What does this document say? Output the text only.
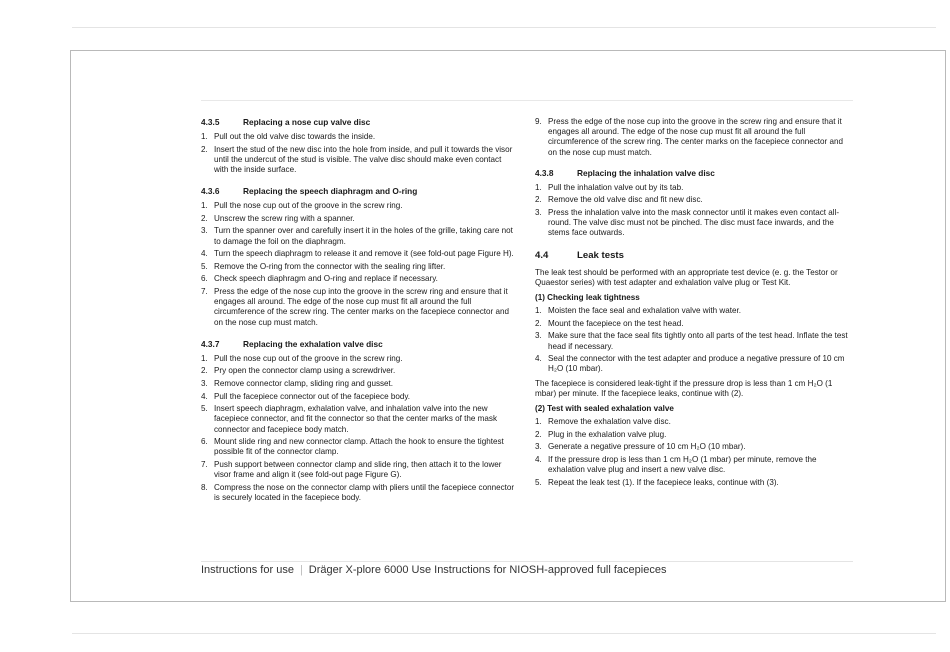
4.3.5	Replacing a nose cup valve disc
1. Pull out the old valve disc towards the inside.
2. Insert the stud of the new disc into the hole from inside, and pull it towards the visor until the undercut of the stud is visible. The valve disc should make even contact with the inside surface.
4.3.6	Replacing the speech diaphragm and O-ring
1. Pull the nose cup out of the groove in the screw ring.
2. Unscrew the screw ring with a spanner.
3. Turn the spanner over and carefully insert it in the holes of the grille, taking care not to damage the foil on the diaphragm.
4. Turn the speech diaphragm to release it and remove it (see fold-out page Figure H).
5. Remove the O-ring from the connector with the sealing ring lifter.
6. Check speech diaphragm and O-ring and replace if necessary.
7. Press the edge of the nose cup into the groove in the screw ring and ensure that it engages all around. The edge of the nose cup must fit all around the full circumference of the screw ring. The center marks on the facepiece connector and on the nose cup must match.
4.3.7	Replacing the exhalation valve disc
1. Pull the nose cup out of the groove in the screw ring.
2. Pry open the connector clamp using a screwdriver.
3. Remove connector clamp, sliding ring and gusset.
4. Pull the facepiece connector out of the facepiece body.
5. Insert speech diaphragm, exhalation valve, and inhalation valve into the new facepiece connector, and fit the connector so that the center marks of the mask connector and facepiece body match.
6. Mount slide ring and new connector clamp. Attach the hook to ensure the tightest possible fit of the connector clamp.
7. Push support between connector clamp and slide ring, then attach it to the lower visor frame and align it (see fold-out page Figure G).
8. Compress the nose on the connector clamp with pliers until the facepiece connector is securely located in the facepiece body.
9. Press the edge of the nose cup into the groove in the screw ring and ensure that it engages all around. The edge of the nose cup must fit all around the full circumference of the screw ring. The center marks on the facepiece connector and on the nose cup must match.
4.3.8	Replacing the inhalation valve disc
1. Pull the inhalation valve out by its tab.
2. Remove the old valve disc and fit new disc.
3. Press the inhalation valve into the mask connector until it makes even contact all-round. The valve disc must not be pinched. The disc must face inwards, and the stems face outwards.
4.4	Leak tests

The leak test should be performed with an appropriate test device (e. g. the Testor or Quaestor series) with test adapter and exhalation valve plug or Test Kit.

(1) Checking leak tightness
1. Moisten the face seal and exhalation valve with water.
2. Mount the facepiece on the test head.
3. Make sure that the face seal fits tightly onto all parts of the test head. Inflate the test head if necessary.
4. Seal the connector with the test adapter and produce a negative pressure of 10 cm H₂O (10 mbar).

The facepiece is considered leak-tight if the pressure drop is less than 1 cm H₂O (1 mbar) per minute. If the facepiece leaks, continue with (2).

(2) Test with sealed exhalation valve
1. Remove the exhalation valve disc.
2. Plug in the exhalation valve plug.
3. Generate a negative pressure of 10 cm H₂O (10 mbar).
4. If the pressure drop is less than 1 cm H₂O (1 mbar) per minute, remove the exhalation valve plug and insert a new valve disc.
5. Repeat the leak test (1). If the facepiece leaks, continue with (3).
Instructions for use | Dräger X-plore 6000 Use Instructions for NIOSH-approved full facepieces
